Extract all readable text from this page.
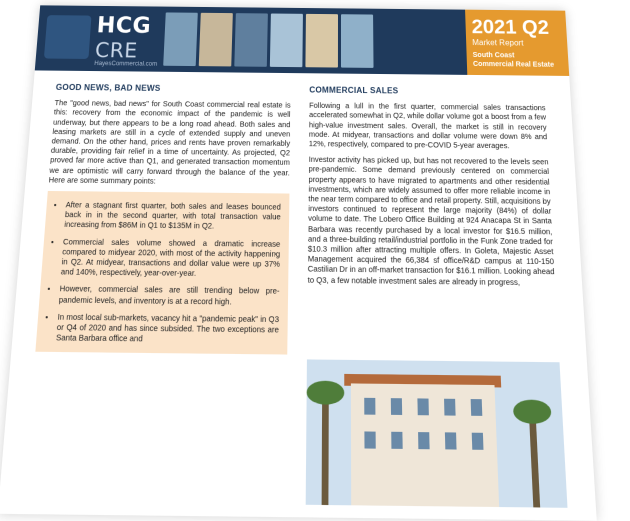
HCG
CRE
HayesCommercial.com
2021 Q2
Market Report
South Coast
Commercial Real Estate
GOOD NEWS, BAD NEWS

The "good news, bad news" for South Coast commercial real estate is this: recovery from the economic impact of the pandemic is well underway, but there appears to be a long road ahead. Both sales and leasing markets are still in a cycle of extended supply and uneven demand. On the other hand, prices and rents have proven remarkably durable, providing fair relief in a time of uncertainty. As projected, Q2 proved far more active than Q1, and generated transaction momentum we are optimistic will carry forward through the balance of the year. Here are some summary points:

• After a stagnant first quarter, both sales and leases bounced back in in the second quarter, with total transaction value increasing from $86M in Q1 to $135M in Q2.
• Commercial sales volume showed a dramatic increase compared to midyear 2020, with most of the activity happening in Q2. At midyear, transactions and dollar value were up 37% and 140%, respectively, year-over-year.
• However, commercial sales are still trending below pre-pandemic levels, and inventory is at a record high.
• In most local sub-markets, vacancy hit a "pandemic peak" in Q3 or Q4 of 2020 and has since subsided. The two exceptions are Santa Barbara office and
COMMERCIAL SALES

Following a lull in the first quarter, commercial sales transactions accelerated somewhat in Q2, while dollar volume got a boost from a few high-value investment sales. Overall, the market is still in recovery mode. At midyear, transactions and dollar volume were down 8% and 12%, respectively, compared to pre-COVID 5-year averages.

Investor activity has picked up, but has not recovered to the levels seen pre-pandemic. Some demand previously centered on commercial property appears to have migrated to apartments and other residential investments, which are widely assumed to offer more reliable income in the near term compared to office and retail property. Still, acquisitions by investors continued to represent the large majority (84%) of dollar volume to date. The Lobero Office Building at 924 Anacapa St in Santa Barbara was recently purchased by a local investor for $16.5 million, and a three-building retail/industrial portfolio in the Funk Zone traded for $10.3 million after attracting multiple offers. In Goleta, Majestic Asset Management acquired the 66,384 sf office/R&D campus at 110-150 Castilian Dr in an off-market transaction for $16.1 million. Looking ahead to Q3, a few notable investment sales are already in progress,
